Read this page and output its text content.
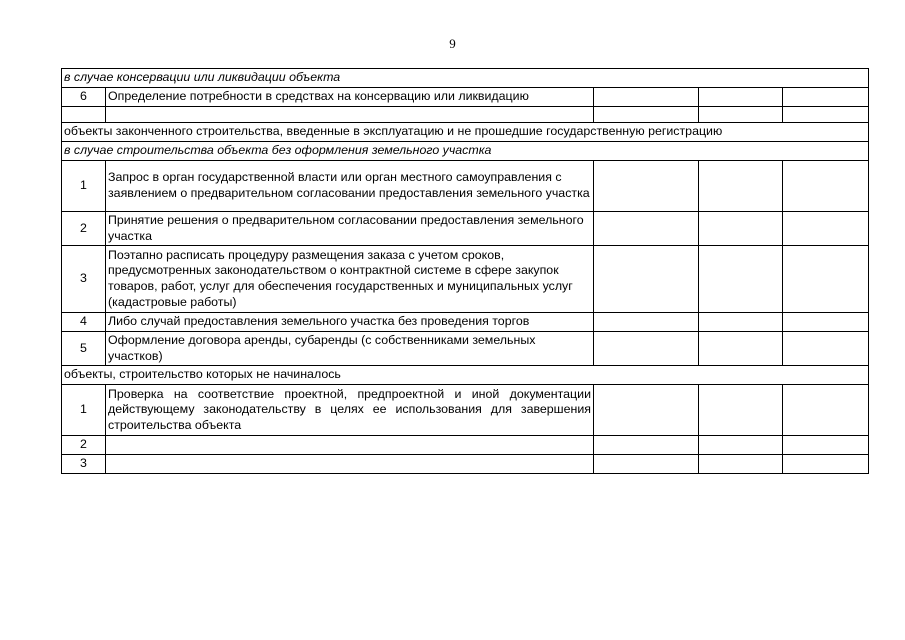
9
в случае консервации или ликвидации объекта				
6	Определение потребности в средствах на консервацию или ликвидацию			

объекты законченного строительства, введенные в эксплуатацию и не прошедшие государственную регистрацию				
в случае строительства объекта без оформления земельного участка				
1	Запрос в орган государственной власти или орган местного самоуправления с заявлением о предварительном согласовании предоставления земельного участка			
2	Принятие решения о предварительном согласовании предоставления земельного участка			
3	Поэтапно расписать процедуру размещения заказа с учетом сроков, предусмотренных законодательством о контрактной системе в сфере закупок товаров, работ, услуг для обеспечения государственных и муниципальных услуг (кадастровые работы)			
4	Либо случай предоставления земельного участка без проведения торгов			
5	Оформление договора аренды, субаренды (с собственниками земельных участков)			
объекты, строительство которых не начиналось				
1	Проверка на соответствие проектной, предпроектной и иной документации действующему законодательству в целях ее использования для завершения строительства объекта			
2				
3				
